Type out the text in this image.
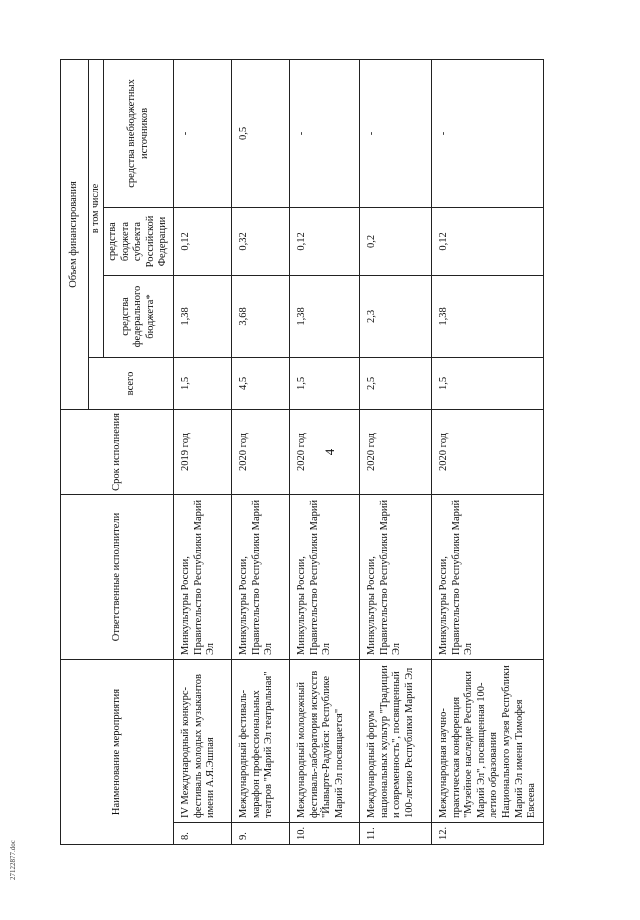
4
27122877.doc
Наименование мероприятия		Ответственные исполнители	Срок исполнения	Объем финансирования			
				всего	в том числе		
					средства федерального бюджета*	средства бюджета субъекта Российской Федерации	средства внебюджетных источников
8.	IV Международный конкурс-фестиваль молодых музыкантов имени А.Я.Эшпая	Минкультуры России, Правительство Республики Марий Эл	2019 год	1,5	1,38	0,12	-
9.	Международный фестиваль-марафон профессиональных театров "Марий Эл театральная"	Минкультуры России, Правительство Республики Марий Эл	2020 год	4,5	3,68	0,32	0,5
10.	Международный молодежный фестиваль-лаборатория искусств "Йывырте-Радуйся: Республике Марий Эл посвящается"	Минкультуры России, Правительство Республики Марий Эл	2020 год	1,5	1,38	0,12	-
11.	Международный форум национальных культур "Традиции и современность", посвященный 100-летию Республики Марий Эл	Минкультуры России, Правительство Республики Марий Эл	2020 год	2,5	2,3	0,2	-
12.	Международная научно-практическая конференция "Музейное наследие Республики Марий Эл", посвященная 100-летию образования Национального музея Республики Марий Эл имени Тимофея Евсеева	Минкультуры России, Правительство Республики Марий Эл	2020 год	1,5	1,38	0,12	-
